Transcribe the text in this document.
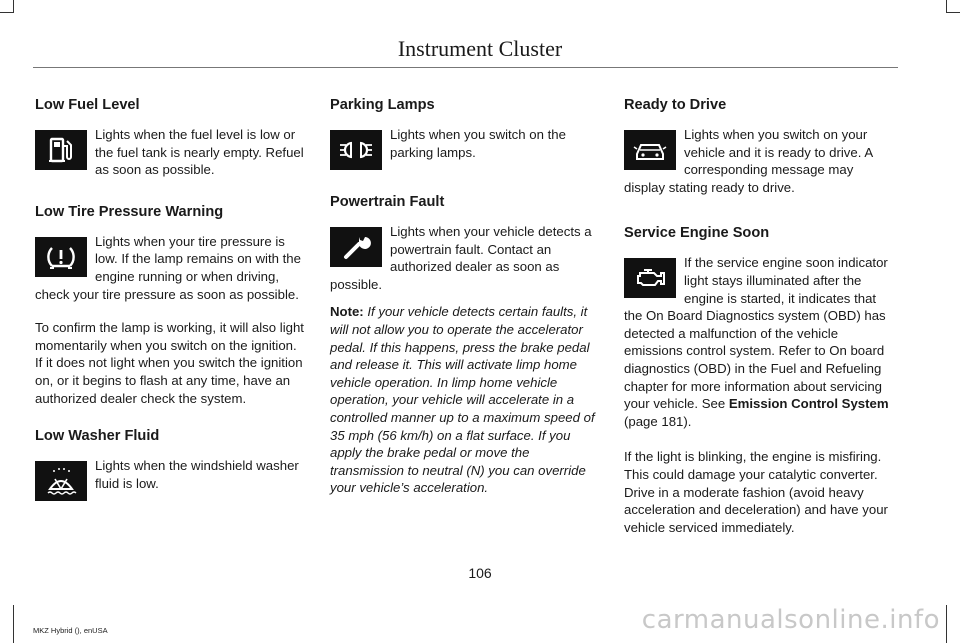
Instrument Cluster
Low Fuel Level

Lights when the fuel level is low or the fuel tank is nearly empty. Refuel as soon as possible.

Low Tire Pressure Warning

Lights when your tire pressure is low. If the lamp remains on with the engine running or when driving, check your tire pressure as soon as possible.

To confirm the lamp is working, it will also light momentarily when you switch on the ignition. If it does not light when you switch the ignition on, or it begins to flash at any time, have an authorized dealer check the system.

Low Washer Fluid

Lights when the windshield washer fluid is low.

Parking Lamps

Lights when you switch on the parking lamps.

Powertrain Fault

Lights when your vehicle detects a powertrain fault. Contact an authorized dealer as soon as possible.

Note: If your vehicle detects certain faults, it will not allow you to operate the accelerator pedal. If this happens, press the brake pedal and release it. This will activate limp home vehicle operation. In limp home vehicle operation, your vehicle will accelerate in a controlled manner up to a maximum speed of 35 mph (56 km/h) on a flat surface. If you apply the brake pedal or move the transmission to neutral (N) you can override your vehicle’s acceleration.

Ready to Drive

Lights when you switch on your vehicle and it is ready to drive. A corresponding message may display stating ready to drive.

Service Engine Soon

If the service engine soon indicator light stays illuminated after the engine is started, it indicates that the On Board Diagnostics system (OBD) has detected a malfunction of the vehicle emissions control system. Refer to On board diagnostics (OBD) in the Fuel and Refueling chapter for more information about servicing your vehicle. See Emission Control System (page 181).

If the light is blinking, the engine is misfiring. This could damage your catalytic converter. Drive in a moderate fashion (avoid heavy acceleration and deceleration) and have your vehicle serviced immediately.

106
MKZ Hybrid (), enUSA	carmanualsonline.info
